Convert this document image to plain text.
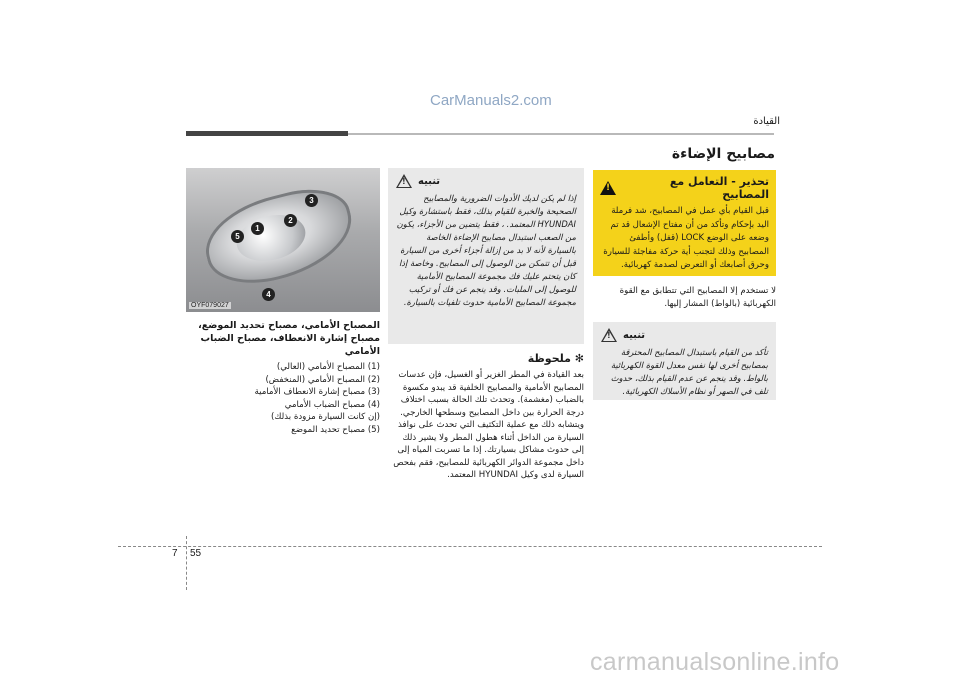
CarManuals2.com
carmanualsonline.info
ﺍﻟﻘﻴﺎﺩﺓ
ﻣﺼﺎﺑﻴﺢ ﺍﻹﺿﺎﺀﺓ
!
ﺗﺤﺬﻳﺮ - ﺍﻟﺘﻌﺎﻣﻞ ﻣﻊ ﺍﻟﻤﺼﺎﺑﻴﺢ
ﻗﺒﻞ ﺍﻟﻘﻴﺎﻡ ﺑﺄﻱ ﻋﻤﻞ ﻓﻲ ﺍﻟﻤﺼﺎﺑﻴﺢ، ﺷﺪ ﻓﺮﻣﻠﺔ ﺍﻟﻴﺪ ﺑﺈﺣﻜﺎﻡ ﻭﺗﺄﻛﺪ ﻣﻦ ﺃﻥ ﻣﻔﺘﺎﺡ ﺍﻹﺷﻌﺎﻝ ﻗﺪ ﺗﻢ ﻭﺿﻌﻪ ﻋﻠﻰ ﺍﻟﻮﺿﻊ LOCK (ﻗﻔﻞ) ﻭﺃﻃﻔﺊ ﺍﻟﻤﺼﺎﺑﻴﺢ ﻭﺫﻟﻚ ﻟﺘﺠﻨﺐ ﺃﻳﺔ ﺣﺮﻛﺔ ﻣﻔﺎﺟﺌﺔ ﻟﻠﺴﻴﺎﺭﺓ ﻭﺣﺮﻕ ﺃﺻﺎﺑﻌﻚ ﺃﻭ ﺍﻟﺘﻌﺮﺽ ﻟﺼﺪﻣﺔ ﻛﻬﺮﺑﺎﺋﻴﺔ.
ﻻ ﺗﺴﺘﺨﺪﻡ ﺇﻻ ﺍﻟﻤﺼﺎﺑﻴﺢ ﺍﻟﺘﻲ ﺗﺘﻄﺎﺑﻖ ﻣﻊ ﺍﻟﻘﻮﺓ ﺍﻟﻜﻬﺮﺑﺎﺋﻴﺔ (ﺑﺎﻟﻮﺍﻁ) ﺍﻟﻤﺸﺎﺭ ﺇﻟﻴﻬﺎ.
!
ﺗﻨﺒﻴﻪ
ﺗﺄﻛﺪ ﻣﻦ ﺍﻟﻘﻴﺎﻡ ﺑﺎﺳﺘﺒﺪﺍﻝ ﺍﻟﻤﺼﺎﺑﻴﺢ ﺍﻟﻤﺤﺘﺮﻗﺔ ﺑﻤﺼﺎﺑﻴﺢ ﺃﺧﺮﻯ ﻟﻬﺎ ﻧﻔﺲ ﻣﻌﺪﻝ ﺍﻟﻘﻮﺓ ﺍﻟﻜﻬﺮﺑﺎﺋﻴﺔ ﺑﺎﻟﻮﺍﻁ. ﻭﻗﺪ ﻳﻨﺠﻢ ﻋﻦ ﻋﺪﻡ ﺍﻟﻘﻴﺎﻡ ﺑﺬﻟﻚ، ﺣﺪﻭﺙ ﺗﻠﻒ ﻓﻲ ﺍﻟﺼﻬﺮ ﺃﻭ ﻧﻈﺎﻡ ﺍﻷﺳﻼﻙ ﺍﻟﻜﻬﺮﺑﺎﺋﻴﺔ.
!
ﺗﻨﺒﻴﻪ
ﺇﺫﺍ ﻟﻢ ﻳﻜﻦ ﻟﺪﻳﻚ ﺍﻷﺩﻭﺍﺕ ﺍﻟﻀﺮﻭﺭﻳﺔ ﻭﺍﻟﻤﺼﺎﺑﻴﺢ ﺍﻟﺼﺤﻴﺤﺔ ﻭﺍﻟﺨﺒﺮﺓ ﻟﻠﻘﻴﺎﻡ ﺑﺬﻟﻚ، ﻓﻘﻂ ﺑﺎﺳﺘﺸﺎﺭﺓ ﻭﻛﻴﻞ HYUNDAI ﺍﻟﻤﻌﺘﻤﺪ. ، ﻓﻘﻂ ﻳﺘﻀﻴﻦ ﻣﻦ ﺍﻷﺟﺰﺍﺀ، ﻳﻜﻮﻥ ﻣﻦ ﺍﻟﺼﻌﺐ ﺍﺳﺘﺒﺪﺍﻝ ﻣﺼﺎﺑﻴﺢ ﺍﻹﺿﺎﺀﺓ ﺍﻟﺨﺎﺻﺔ ﺑﺎﻟﺴﻴﺎﺭﺓ ﻷﻧﻪ ﻻ ﺑﺪ ﻣﻦ ﺇﺯﺍﻟﺔ ﺃﺟﺰﺍﺀ ﺃﺧﺮﻯ ﻣﻦ ﺍﻟﺴﻴﺎﺭﺓ ﻗﺒﻞ ﺃﻥ ﺗﺘﻤﻜﻦ ﻣﻦ ﺍﻟﻮﺻﻮﻝ ﺇﻟﻰ ﺍﻟﻤﺼﺎﺑﻴﺢ. ﻭﺧﺎﺻﺔ ﺇﺫﺍ ﻛﺎﻥ ﻳﺘﺤﺘﻢ ﻋﻠﻴﻚ ﻓﻚ ﻣﺠﻤﻮﻋﺔ ﺍﻟﻤﺼﺎﺑﻴﺢ ﺍﻷﻣﺎﻣﻴﺔ ﻟﻠﻮﺻﻮﻝ ﺇﻟﻰ ﺍﻟﻤﻠﺒﺎﺕ. ﻭﻗﺪ ﻳﻨﺠﻢ ﻋﻦ ﻓﻚ ﺃﻭ ﺗﺮﻛﻴﺐ ﻣﺠﻤﻮﻋﺔ ﺍﻟﻤﺼﺎﺑﻴﺢ ﺍﻷﻣﺎﻣﻴﺔ ﺣﺪﻭﺙ ﺗﻠﻔﻴﺎﺕ ﺑﺎﻟﺴﻴﺎﺭﺓ.
✻ ﻣﻠﺤﻮﻇﺔ
ﺑﻌﺪ ﺍﻟﻘﻴﺎﺩﺓ ﻓﻲ ﺍﻟﻤﻄﺮ ﺍﻟﻐﺰﻳﺮ ﺃﻭ ﺍﻟﻐﺴﻴﻞ، ﻓﺈﻥ ﻋﺪﺳﺎﺕ ﺍﻟﻤﺼﺎﺑﻴﺢ ﺍﻷﻣﺎﻣﻴﺔ ﻭﺍﻟﻤﺼﺎﺑﻴﺢ ﺍﻟﺨﻠﻔﻴﺔ ﻗﺪ ﻳﺒﺪﻭ ﻣﻜﺴﻮﺓ ﺑﺎﻟﻀﺒﺎﺏ (ﻣﻐﺸﻤﺔ). ﻭﺗﺤﺪﺙ ﺗﻠﻚ ﺍﻟﺤﺎﻟﺔ ﺑﺴﺒﺐ ﺍﺧﺘﻼﻑ ﺩﺭﺟﺔ ﺍﻟﺤﺮﺍﺭﺓ ﺑﻴﻦ ﺩﺍﺧﻞ ﺍﻟﻤﺼﺎﺑﻴﺢ ﻭﺳﻄﺤﻬﺎ ﺍﻟﺨﺎﺭﺟﻲ. ﻭﻳﺘﺸﺎﺑﻪ ﺫﻟﻚ ﻣﻊ ﻋﻤﻠﻴﺔ ﺍﻟﺘﻜﺜﻴﻒ ﺍﻟﺘﻲ ﺗﺤﺪﺙ ﻋﻠﻰ ﻧﻮﺍﻓﺬ ﺍﻟﺴﻴﺎﺭﺓ ﻣﻦ ﺍﻟﺪﺍﺧﻞ ﺃﺛﻨﺎﺀ ﻫﻄﻮﻝ ﺍﻟﻤﻄﺮ ﻭﻻ ﻳﺸﻴﺮ ﺫﻟﻚ ﺇﻟﻰ ﺣﺪﻭﺙ ﻣﺸﺎﻛﻞ ﺑﺴﻴﺎﺭﺗﻚ. ﺇﺫﺍ ﻣﺎ ﺗﺴﺮﺑﺖ ﺍﻟﻤﻴﺎﻩ ﺇﻟﻰ ﺩﺍﺧﻞ ﻣﺠﻤﻮﻋﺔ ﺍﻟﺪﻭﺍﺋﺮ ﺍﻟﻜﻬﺮﺑﺎﺋﻴﺔ ﻟﻠﻤﺼﺎﺑﻴﺢ، ﻓﻘﻢ ﺑﻔﺤﺺ ﺍﻟﺴﻴﺎﺭﺓ ﻟﺪﻯ ﻭﻛﻴﻞ HYUNDAI ﺍﻟﻤﻌﺘﻤﺪ.
3
2
1
5
4
OYF079027
ﺍﻟﻤﺼﺒﺎﺡ ﺍﻷﻣﺎﻣﻲ، ﻣﺼﺒﺎﺡ ﺗﺤﺪﻳﺪ ﺍﻟﻤﻮﺿﻊ، ﻣﺼﺒﺎﺡ ﺇﺷﺎﺭﺓ ﺍﻻﻧﻌﻄﺎﻑ، ﻣﺼﺒﺎﺡ ﺍﻟﻀﺒﺎﺏ ﺍﻷﻣﺎﻣﻲ
(1) ﺍﻟﻤﺼﺒﺎﺡ ﺍﻷﻣﺎﻣﻲ (ﺍﻟﻌﺎﻟﻲ)
(2) ﺍﻟﻤﺼﺒﺎﺡ ﺍﻷﻣﺎﻣﻲ (ﺍﻟﻤﻨﺨﻔﺾ)
(3) ﻣﺼﺒﺎﺡ ﺇﺷﺎﺭﺓ ﺍﻻﻧﻌﻄﺎﻑ ﺍﻷﻣﺎﻣﻴﺔ
(4) ﻣﺼﺒﺎﺡ ﺍﻟﻀﺒﺎﺏ ﺍﻷﻣﺎﻣﻲ
(ﺇﻥ ﻛﺎﻧﺖ ﺍﻟﺴﻴﺎﺭﺓ ﻣﺰﻭﺩﺓ ﺑﺬﻟﻚ)
(5) ﻣﺼﺒﺎﺡ ﺗﺤﺪﻳﺪ ﺍﻟﻤﻮﺿﻊ
7 55
